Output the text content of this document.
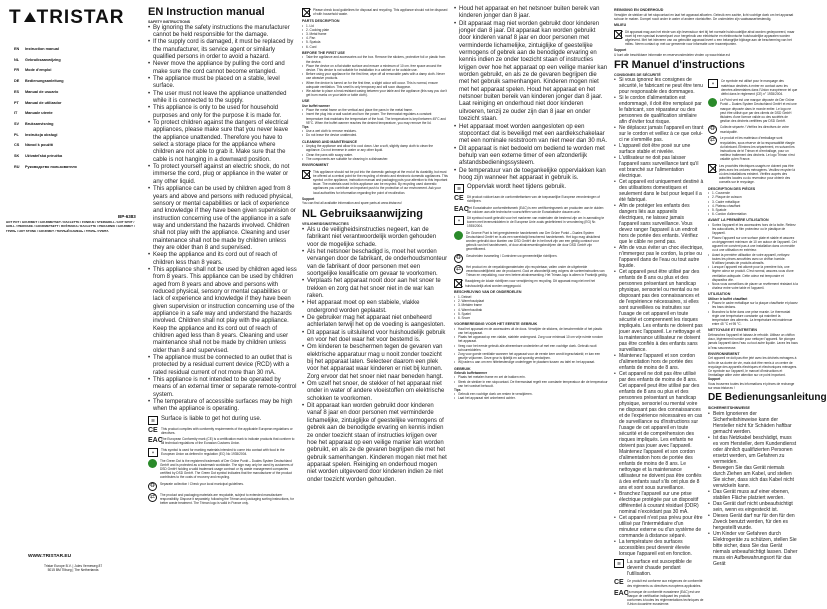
T TRISTAR
EN	Instruction manual
NL	Gebruiksaanwijzing
FR	Mode d'emploi
DE	Bedienungsanleitung
ES	Manual de usuario
PT	Manual de utilizador
IT	Manuale utente
SV	Bruksanvisning
PL	Instrukcja obsługi
CS	Návod k použití
SK	Užívateľská príručka
RU	Руководство пользователя
BP-6383
HOT POT / GOURMET / GOURMETSET / RACLETTE / FONDUE / STEINGRILL / HOT SPOT / GRILL / PIERRADE / GOURMETSETT / ROŠTENKA / RACLETTE / PIEKARNIK / GOURMET / ГРИЛЬ / HOT STONE / GOURMET / ТЕПЛЫЙ КАМЕНЬ / ГРИЛЬ / ПЛИТА
WWW.TRISTAR.EU
Tristar Europe B.V. | Jules Verneweg 87
5015 BM Tilburg | The Netherlands
EN Instruction manual
SAFETY INSTRUCTIONS
• By ignoring the safety instructions the manufacturer cannot be held responsible for the damage.
• If the supply cord is damaged, it must be replaced by the manufacturer, its service agent or similarly qualified persons in order to avoid a hazard.
• Never move the appliance by pulling the cord and make sure the cord cannot become entangled.
• The appliance must be placed on a stable, level surface.
• The user must not leave the appliance unattended while it is connected to the supply.
• This appliance is only to be used for household purposes and only for the purpose it is made for.
• To protect children against the dangers of electrical appliances, please make sure that you never leave the appliance unattended. Therefore you have to select a storage place for the appliance where children are not able to grab it. Make sure that the cable is not hanging in a downward position.
• To protect yourself against an electric shock, do not immerse the cord, plug or appliance in the water or any other liquid.
• This appliance can be used by children aged from 8 years and above and persons with reduced physical, sensory or mental capabilities or lack of experience and knowledge if they have been given supervision or instruction concerning use of the appliance in a safe way and understand the hazards involved. Children shall not play with the appliance. Cleaning and user maintenance shall not be made by children unless they are older than 8 and supervised.
• Keep the appliance and its cord out of reach of children less than 8 years.
• This appliance shall not be used by children aged less from 8 years. This appliance can be used by children aged from 8 years and above and persons with reduced physical, sensory or mental capabilities or lack of experience and knowledge if they have been given supervision or instruction concerning use of the appliance in a safe way and understand the hazards involved. Children shall not play with the appliance. Keep the appliance and its cord out of reach of children aged less than 8 years. Cleaning and user maintenance shall not be made by children unless older than 8 and supervised.
• The appliance must be connected to an outlet that is protected by a residual current device (RCD) with a rated residual current of not more than 30 mA.
• This appliance is not intended to be operated by means of an external timer or separate remote-control system.
• The temperature of accessible surfaces may be high when the appliance is operating.
≋ Surface is liable to get hot during use.
CE This product complies with conformity requirements of the applicable European regulations or directives.
EAC
The European Conformity mark (CE) is a certification mark to indicate products that conform to all technical regulations of the Eurasian Customs Union.
⑂	This symbol is used for marking materials intended to come into contact with food in the European Union as defined in regulation (EC) No 1935/2004.
The Green Dot is the registered trademark of Der Grüne Punkt – Duales System Deutschland GmbH and is protected as a trademark worldwide. The sign may only be used by customers of DSD GmbH holding a valid trademark usage contract or by waste management companies certified by DSD GmbH. The Green Dot symbol indicates that the manufacturer of the product contributes to the costs of recovery and recycling.
♻	Separate collection / Check your local municipal guidelines.
⇄	The product and packaging materials are recyclable, subject to extended manufacturer responsibility. Dispose it separately, following the Triman and packaging sorting instructions, for better waste treatment. The Triman logo is valid in France only.
Please check local guidelines for disposal and recycling. This appliance should not be disposed of with household waste.
PARTS DESCRIPTION
• 1. Lid
• 2. Cooking plate
• 3. Metal frame
• 4. Pan
• 5. Spatula
• 6. Cord
BEFORE THE FIRST USE
• Take the appliance and accessories out the box. Remove the stickers, protective foil or plastic from the device.
• Place the device on a flat stable surface and ensure a minimum of 10 cm. free space around the device. This device is not suitable for installation in a cabinet or for outside use.
• Before using your appliance for the first time, wipe off all removable parts with a damp cloth. Never use abrasive products.
• When the device is turned on for the first time, a slight odour will occur. This is normal, ensure adequate ventilation. This smell is only temporary and will soon disappear.
• We advise to place a heat-resistant casing between your table and the appliance (this way you don't get burn marks on your table or table cloth).
USE

Use buffet warmer

• Place the metal frame on the vertical and place the pans in the metal frame.
• Insert the plug into a wall socket and turn the power. The thermostat regulates a constant temperature that maintains the temperature of the food. The temperature is kept between 45°C and 95°C. When the buffet warmer reaches the desired temperature, you may remove the lid.

Tips

• Use a wet cloth to remove residues.
• Do not leave the device unattended.
CLEANING AND MAINTENANCE
• Unplug the appliance and allow it to cool down. Use a soft, slightly damp cloth to clean the appliance. Do not immerse in water or any other liquid.
• Clean the pans with soapy water.
• The components are suitable for cleaning in a dishwasher.
ENVIRONMENT
This appliance should not be put into the domestic garbage at the end of its durability, but must be offered at a central point for the recycling of electric and electronic domestic appliances. This symbol on the appliance, instruction manual and packaging puts your attention to this important issue. The materials used in this appliance can be recycled. By recycling used domestic appliances you contribute an important push to the protection of our environment. Ask your local authorities for information regarding the point of recollection.

Support

You can find all available information and spare parts at www.tristar.eu!

NL Gebruiksaanwijzing
VEILIGHEIDSINSTRUCTIES
• Als u de veiligheidsinstructies negeert, kan de fabrikant niet verantwoordelijk worden gehouden voor de mogelijke schade.
• Als het netsnoer beschadigd is, moet het worden vervangen door de fabrikant, de onderhoudsmonteur van de fabrikant of door personen met een soortgelijke kwalificatie om gevaar te voorkomen.
• Verplaats het apparaat nooit door aan het snoer te trekken en zorg dat het snoer niet in de war kan raken.
• Het apparaat moet op een stabiele, vlakke ondergrond worden geplaatst.
• De gebruiker mag het apparaat niet onbeheerd achterlaten terwijl het op de voeding is aangesloten.
• Dit apparaat is uitsluitend voor huishoudelijk gebruik en voor het doel waar het voor bestemd is.
• Om kinderen te beschermen tegen de gevaren van elektrische apparatuur mag u nooit zonder toezicht bij het apparaat laten. Selecteer daarom een plek voor het apparaat waar kinderen er niet bij kunnen. Zorg ervoor dat het snoer niet naar beneden hangt.
• Om uzelf het snoer, de stekker of het apparaat niet onder in water of andere vloeistoffen om elektrische schokken te voorkomen.
• Dit apparaat kan worden gebruikt door kinderen vanaf 8 jaar en door personen met verminderde lichamelijke, zintuiglijke of geestelijke vermogens of gebrek aan de benodigde ervaring en kennis indien ze onder toezicht staan of instructies krijgen over hoe het apparaat op een veilige manier kan worden gebruikt, en als ze de gevaren begrijpen die met het gebruik samenhangen. Kinderen mogen niet met het apparaat spelen. Reiniging en onderhoud mogen niet worden uitgevoerd door kinderen indien ze niet onder toezicht worden gehouden.
• Houd het apparaat en het netsnoer buiten bereik van kinderen jonger dan 8 jaar.
• Dit apparaat mag niet worden gebruikt door kinderen jonger dan 8 jaar. Dit apparaat kan worden gebruikt door kinderen vanaf 8 jaar en door personen met verminderde lichamelijke, zintuiglijke of geestelijke vermogens of gebrek aan de benodigde ervaring en kennis indien ze onder toezicht staan of instructies krijgen over hoe het apparaat op een veilige manier kan worden gebruikt, en als ze de gevaren begrijpen die met het gebruik samenhangen. Kinderen mogen niet met het apparaat spelen. Houd het apparaat en het netsnoer buiten bereik van kinderen jonger dan 8 jaar. Laat reiniging en onderhoud niet door kinderen uitvoeren, tenzij ze ouder zijn dan 8 jaar en onder toezicht staan.
• Het apparaat moet worden aangesloten op een stopcontact dat is beveiligd met een aardlekschakelaar met een nominale reststroom van niet meer dan 30 mA.
• Dit apparaat is niet bedoeld om bediend te worden met behulp van een externe timer of een afzonderlijk afstandsbedieningssysteem.
• De temperatuur van de toegankelijke oppervlakken kan hoog zijn wanneer het apparaat in gebruik is.
≋ Oppervlak wordt heet tijdens gebruik.
CE Dit product voldoet aan de conformiteitseisen van de toepasselijke Europese verordeningen of richtlijnen.
EAC
Het Euraziatische conformiteitsmerk (EAC) is een certificeringsmerk om producten aan te duiden die voldoen aan alle technische voorschriften van de Euraziatische douane-unie.
⑂	Dit symbool wordt gebruikt voor het markeren van materialen die bestemd zijn om in aanraking te komen met levensmiddelen in de Europese Unie zoals gedefinieerd in verordening (EG) Nr. 1935/2004.
De Groene Punt is het geregistreerde handelsmerk van Der Grüne Punkt – Duales System Deutschland GmbH en is als een wereldwijd beschermd handelsmerk. Het logo mag uitsluitend worden gebruikt door klanten van DSD GmbH die in het bezit zijn van een geldig contract voor gebruik van het handelsmerk, of door afvalverwerkingsbedrijven die door DSD GmbH zijn gecertificeerd.
♻	Gescheiden inzameling / Controleer uw gemeentelijke richtlijnen.
⇄	Het product en de verpakkingsmaterialen zijn recyclebaar, vallen onder de uitgebreide verantwoordelijkheid van de producent. Gooi ze afzonderlijk weg volgens de sorteerinstructies van Triman en verpakking, voor een betere afvalverwerking. Het Triman-logo is alleen in Frankrijk geldig.
Raadpleeg de lokale richtlijnen voor verwijdering en recycling. Dit apparaat mag niet met het huishoudelijk afval worden weggegooid.
BESCHRIJVING VAN DE ONDERDELEN
• 1. Deksel
• 2. Warmhoudplaat
• 3. Metalen frame
• 4. Warmhoudbak
• 5. Spatel
• 6. Snoer
VOORBEREIDING VOOR HET EERSTE GEBRUIK
• Haal het apparaat en de accessoires uit de doos. Verwijder de stickers, de beschermfolie of het plastic van het apparaat.
• Plaats het apparaat op een vlakke, stabiele ondergrond. Zorg voor minimaal 10 cm vrije ruimte rondom het apparaat.
• Veeg voor het eerste gebruik alle afneembare onderdelen af met een vochtige doek. Gebruik nooit schuurmiddelen.
• Zorg voor goede ventilatie wanneer het apparaat voor de eerste keer wordt ingeschakeld; er kan een geurtje vrijkomen. Deze geur is tijdelijk en zal spoedig verdwijnen.
• Wij raden u aan om een hittebestendige onderlegger te plaatsen tussen uw tafel en het apparaat.
GEBRUIK

Gebruik buffetwarmer

• Plaats het metalen frame en zet de bakken erin.
• Steek de stekker in een stopcontact. De thermostaat regelt een constante temperatuur die de temperatuur van het voedsel behoudt.

Tips

• Gebruik een vochtige doek om resten te verwijderen.
• Laat het apparaat niet onbeheerd achter.
REINIGING EN ONDERHOUD

Verwijder de stekker uit het stopcontact en laat het apparaat afkoelen. Gebruik een zachte, licht vochtige doek om het apparaat schoon te maken. Dompel nooit onder in water of andere vloeistoffen. De onderdelen zijn vaatwasserbestendig.

MILIEU
Dit apparaat mag aan het einde van zijn levensduur niet bij het normale huishoudelijke afval worden gedeponeerd, maar moet bij een speciaal inzamelpunt voor hergebruik van elektrische en elektronische huishoudelijke apparaten worden afgeleverd. Met het inleveren van uw gebruikte apparaat levert u een belangrijke bijdrage aan de bescherming van het milieu. Neem contact op met uw gemeente voor informatie over inzamelpunten.

Support

U kunt alle beschikbare informatie en reserveonderdelen vinden op www.tristar.eu!

FR Manuel d'instructions
CONSIGNES DE SÉCURITÉ
• Si vous ignorez les consignes de sécurité, le fabricant ne peut être tenu pour responsable des dommages.
• Si le cordon d'alimentation est endommagé, il doit être remplacé par le fabricant, son réparateur ou des personnes de qualification similaire afin d'éviter tout risque.
• Ne déplacez jamais l'appareil en tirant sur le cordon et veillez à ce que celui-ci ne s'emmêle pas.
• L'appareil doit être posé sur une surface stable et nivelée.
• L'utilisateur ne doit pas laisser l'appareil sans surveillance tant qu'il est branché sur l'alimentation électrique.
• Cet appareil est uniquement destiné à des utilisations domestiques et seulement dans le but pour lequel il a été fabriqué.
• Afin de protéger les enfants des dangers liés aux appareils électriques, ne laissez jamais l'appareil sans surveillance. Vous devez ranger l'appareil à un endroit hors de portée des enfants. Vérifiez que le câble ne pend pas.
• Afin de vous éviter un choc électrique, n'immergez pas le cordon, la prise ou l'appareil dans de l'eau ou tout autre liquide.
• Cet appareil peut être utilisé par des enfants de 8 ans ou plus et des personnes présentant un handicap physique, sensoriel ou mental ou ne disposant pas des connaissances et de l'expérience nécessaires, si elles sont surveillées ou instruites sur l'usage de cet appareil en toute sécurité et comprennent les risques impliqués. Les enfants ne doivent pas jouer avec l'appareil. Le nettoyage et la maintenance utilisateur ne doivent pas être confiés à des enfants sans surveillance.
• Maintenez l'appareil et son cordon d'alimentation hors de portée des enfants de moins de 8 ans.
• Cet appareil ne doit pas être utilisé par des enfants de moins de 8 ans. Cet appareil peut être utilisé par des enfants de 8 ans ou plus et des personnes présentant un handicap physique, sensoriel ou mental voire ne disposant pas des connaissances et de l'expérience nécessaires en cas de surveillance ou d'instructions sur l'usage de cet appareil en toute sécurité et de compréhension des risques impliqués. Les enfants ne doivent pas jouer avec l'appareil. Maintenez l'appareil et son cordon d'alimentation hors de portée des enfants de moins de 8 ans. Le nettoyage et la maintenance utilisateur ne doivent pas être confiés à des enfants sauf s'ils ont plus de 8 ans et sont sous surveillance.
• Branchez l'appareil sur une prise électrique protégée par un dispositif différentiel à courant résiduel (DDR) nominal n'excédant pas 30 mA.
• Cet appareil n'est pas prévu pour être utilisé par l'intermédiaire d'un minuteur externe ou d'un système de commande à distance séparé.
• La température des surfaces accessibles peut devenir élevée lorsque l'appareil est en fonction.
≋	La surface est susceptible de devenir chaude pendant l'utilisation.
CE Ce produit est conforme aux exigences de conformité des règlements ou directives européens applicables.
EAC
La marque de conformité eurasienne (EAC) est une marque de certification indiquant les produits conformes à toutes les réglementations techniques de l'Union douanière eurasienne.
⑂	Ce symbole est utilisé pour le marquage des matériaux destinés à entrer en contact avec les denrées alimentaires dans l'Union européenne tel que défini dans le règlement (CE) n° 1935/2004.
Le Point vert est une marque déposée de Der Grüne Punkt – Duales System Deutschland GmbH et est une marque déposée dans le monde entier. Le logo ne peut être utilisé que par des clients de DSD GmbH titulaires d'une licence valide ou des sociétés de gestion des déchets certifiées par DSD GmbH.
♻	Collecte séparée / Vérifiez les directives de votre municipalité.
⇄	Le produit et les matériaux d'emballage sont recyclables, sous réserve de la responsabilité élargie du fabricant. Éliminez-les séparément, en suivant les instructions de tri Triman et d'emballage, pour un meilleur traitement des déchets. Le logo Triman n'est valable qu'en France.
Les procédés électriques usagés ne doivent pas être jetés avec les ordures ménagères. Veuillez recycler là où des installations existent. Vérifiez auprès des autorités locales ou du revendeur pour obtenir des conseils sur le recyclage.
DESCRIPTION DES PIÈCES
• 1. Couvercle
• 2. Plaque de cuisson
• 3. Cadre métallique
• 4. Plateau chauffant
• 5. Spatule
• 6. Cordon d'alimentation
AVANT LA PREMIÈRE UTILISATION
• Sortez l'appareil et les accessoires hors de la boîte. Retirez les autocollants, le film protecteur ou le plastique de l'appareil.
• Placez l'appareil sur une surface plate et stable et assurez un dégagement minimum de 10 cm autour de l'appareil. Cet appareil ne convient pas à une installation dans un meuble ou à une utilisation en extérieur.
• Avant la première utilisation de votre appareil, nettoyez toutes les pièces amovibles avec un chiffon humide. N'utilisez jamais de produits abrasifs.
• Lorsque l'appareil est allumé pour la première fois, une légère odeur se produit. C'est normal, assurez-vous d'une ventilation adéquate. Cette odeur est temporaire et disparaîtra vite.
• Nous vous conseillons de placer un revêtement résistant à la chaleur entre votre table et l'appareil.
UTILISATION

Utiliser le buffet chauffant

• Placez le cadre métallique sur la plaque chauffante et placez les bacs dedans.
• Branchez la fiche dans une prise murale. Le thermostat règle une température constante qui maintient la température des aliments. La température est maintenue entre 45 °C et 95 °C.
NETTOYAGE ET ENTRETIEN

Débranchez l'appareil et laissez-le refroidir. Utilisez un chiffon doux, légèrement humide pour nettoyer l'appareil. Ne plongez jamais l'appareil dans l'eau ou tout autre liquide. Lavez les bacs à l'eau savonneuse.

ENVIRONNEMENT

Cet appareil ne doit pas être jeté avec les déchets ménagers à la fin de sa durée de vie, mais doit être remis à un centre de recyclage des appareils électriques et électroniques ménagers. Ce symbole sur l'appareil, le manuel d'instructions et l'emballage attire votre attention sur ce point important.

Support

Vous trouverez toutes les informations et pièces de rechange sur www.tristar.eu !

DE Bedienungsanleitung
SICHERHEITSHINWEISE
• Beim Ignorieren der Sicherheitshinweise kann der Hersteller nicht für Schäden haftbar gemacht werden.
• Ist das Netzkabel beschädigt, muss es vom Hersteller, dem Kundendienst oder ähnlich qualifizierten Personen ersetzt werden, um Gefahren zu vermeiden.
• Bewegen Sie das Gerät niemals durch Ziehen am Kabel, und stellen Sie sicher, dass sich das Kabel nicht verwickeln kann.
• Das Gerät muss auf einer ebenen, stabilen Fläche platziert werden.
• Das Gerät darf nicht unbeaufsichtigt sein, wenn es eingesteckt ist.
• Dieses Gerät darf nur für den für den Zweck benutzt werden, für den es hergestellt wurde.
• Um Kinder vor Gefahren durch Elektrogeräte zu schützen, stellen Sie bitte sicher, dass Sie das Gerät niemals unbeaufsichtigt lassen. Daher muss ein Aufbewahrungsort für das Gerät
